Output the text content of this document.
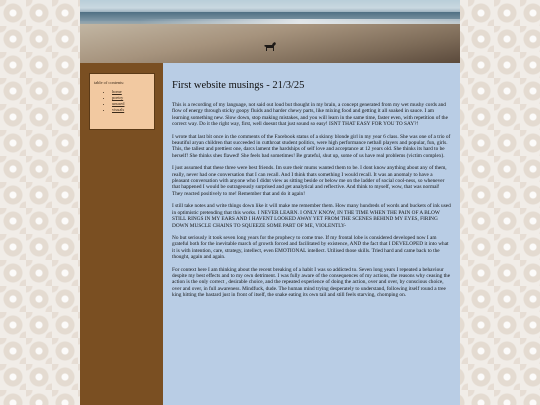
table of contents:
• home
• poetry
• unused
• visuals
First website musings - 21/3/25

This is a recording of my language, not said out loud but thought in my brain, a concept generated from my wet mushy cords and flow of energy through sticky goopy fluids and harder chewy parts, like mixing food and getting it all soaked in sauce. I am learning something new. Slow down, stop making mistakes, and you will learn in the same time, faster even, with repetition of the correct way. Do it the right way, first, well doesnt that just sound so easy! ISNT THAT EASY FOR YOU TO SAY?!

I wrote that last bit once in the comments of the Facebook status of a skinny blonde girl in my year 6 class. She was one of a trio of beautiful aryan children that succeeded in cutthroat student politics, were high performance netball players and popular, fun, girls. This, the tallest and prettiest one, darcs lament the hardships of self love and acceptance at 12 years old. She thinks its hard to be herself! She thinks shes flawed! She feels bad sometimes! Be grateful, shut up, some of us have real problems (victim complex).

I just assumed that these three were best friends. Im sure their mums wanted them to be. I dont know anything about any of them, really, never had one conversation that I can recall. And I think thats something I would recall. It was an anomaly to have a pleasant conversation with anyone who I didnt view as sitting beside or below me on the ladder of social cool-ness, so whenever that happened I would be outrageously surprised and get analytical and reflective. And think to myself, wow, that was normal! They reacted positively to me! Remember that and do it again!

I still take notes and write things down like it will make me remember them. How many hundreds of words and buckets of ink used in optimistic pretending that this works. I NEVER LEARN. I ONLY KNOW, IN THE TIME WHEN THE PAIN OF A BLOW STILL RINGS IN MY EARS AND I HAVENT LOOKED AWAY YET FROM THE SCENES BEHIND MY EYES, FIRING DOWN MUSCLE CHAINS TO SQUEEZE SOME PART OF ME, VIOLENTLY-

No but seriously it took seven long years for the prophecy to come true. If my frontal lobe is considered developed now I am grateful both for the inevitable march of growth forced and facilitated by existence, AND the fact that I DEVELOPED it into what it is with intention, care, strategy, intellect, even EMOTIONAL intellect. Utilised those skills. Tried hard and came back to the thought, again and again.

For context here I am thinking about the recent breaking of a habit I was so addicted to. Seven long years I repeated a behaviour despite my best effects and to my own detriment. I was fully aware of the consequences of my actions, the reasons why ceasing the action is the only correct , desirable choice, and the repeated experience of doing the action, over and over, by conscious choice, over and over, in full awareness. Mindfuck, dude. The human mind trying desperately to understand, following itself round a tree king hitting the bastard just in front of itself, the snake eating its own tail and still feels starving, chomping on.
